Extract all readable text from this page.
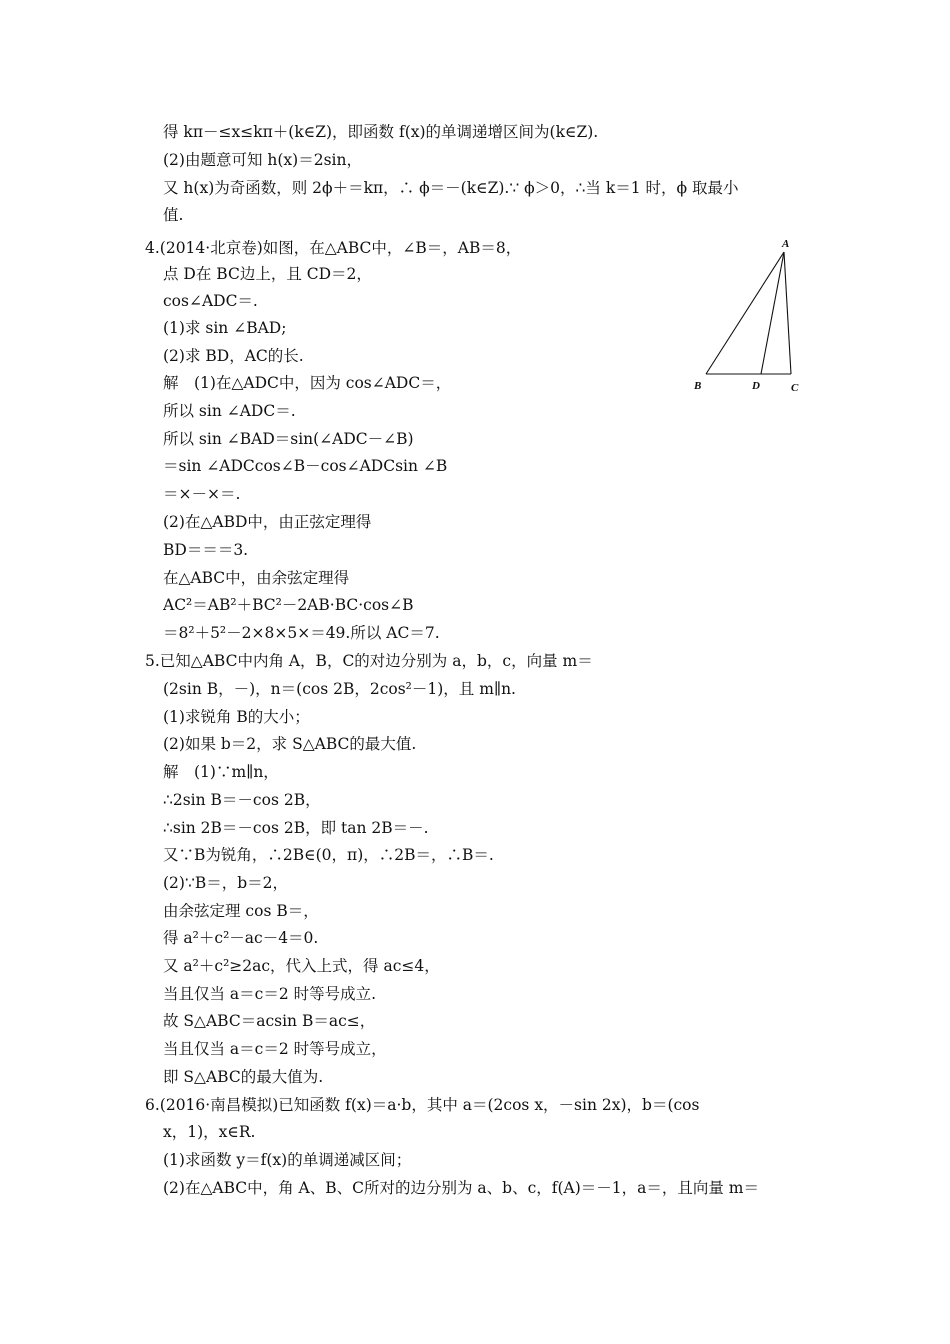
得 kπ－≤x≤kπ＋(k∈Z)，即函数 f(x)的单调递增区间为(k∈Z).
(2)由题意可知 h(x)＝2sin，
又 h(x)为奇函数，则 2ϕ＋＝kπ，∴ ϕ＝－(k∈Z).∵ ϕ＞0，∴当 k＝1 时，ϕ 取最小
值.
4.(2014·北京卷)如图，在△ABC中，∠B＝，AB＝8，
点 D在 BC边上，且 CD＝2，
cos∠ADC＝.
(1)求 sin ∠BAD;
(2)求 BD，AC的长.
解　(1)在△ADC中，因为 cos∠ADC＝，
所以 sin ∠ADC＝.
所以 sin ∠BAD＝sin(∠ADC－∠B)
＝sin ∠ADCcos∠B－cos∠ADCsin ∠B
＝×－×＝.
(2)在△ABD中，由正弦定理得
BD＝＝＝3.
在△ABC中，由余弦定理得
AC²＝AB²＋BC²－2AB·BC·cos∠B
＝8²＋5²－2×8×5×＝49.所以 AC＝7.
5.已知△ABC中内角 A，B，C的对边分别为 a，b，c，向量 m＝
(2sin B，－)，n＝(cos 2B，2cos²－1)，且 m∥n.
(1)求锐角 B的大小；
(2)如果 b＝2，求 S△ABC的最大值.
解　(1)∵m∥n，
∴2sin B＝－cos 2B，
∴sin 2B＝－cos 2B，即 tan 2B＝－.
又∵B为锐角，∴2B∈(0，π)，∴2B＝，∴B＝.
(2)∵B＝，b＝2，
由余弦定理 cos B＝，
得 a²＋c²－ac－4＝0.
又 a²＋c²≥2ac，代入上式，得 ac≤4，
当且仅当 a＝c＝2 时等号成立.
故 S△ABC＝acsin B＝ac≤，
当且仅当 a＝c＝2 时等号成立，
即 S△ABC的最大值为.
6.(2016·南昌模拟)已知函数 f(x)＝a·b，其中 a＝(2cos x，－sin 2x)，b＝(cos
x，1)，x∈R.
(1)求函数 y＝f(x)的单调递减区间；
(2)在△ABC中，角 A、B、C所对的边分别为 a、b、c，f(A)＝－1，a＝，且向量 m＝
A
B	D	C
